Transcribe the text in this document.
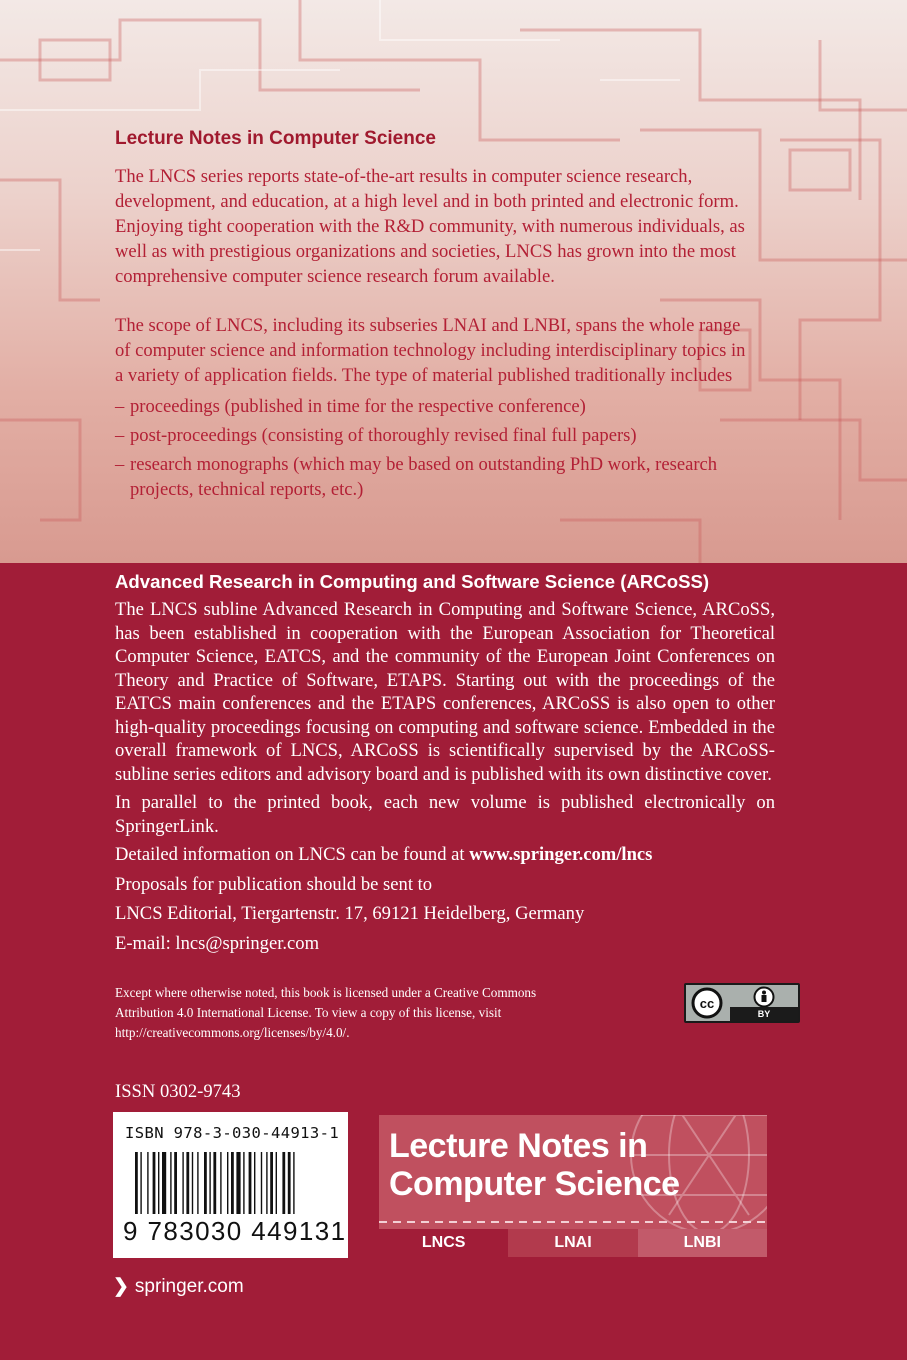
Lecture Notes in Computer Science

The LNCS series reports state-of-the-art results in computer science research, development, and education, at a high level and in both printed and electronic form. Enjoying tight cooperation with the R&D community, with numerous individuals, as well as with prestigious organizations and societies, LNCS has grown into the most comprehensive computer science research forum available.

The scope of LNCS, including its subseries LNAI and LNBI, spans the whole range of computer science and information technology including interdisciplinary topics in a variety of application fields. The type of material published traditionally includes

– proceedings (published in time for the respective conference)
– post-proceedings (consisting of thoroughly revised final full papers)
– research monographs (which may be based on outstanding PhD work, research projects, technical reports, etc.)
Advanced Research in Computing and Software Science (ARCoSS)

The LNCS subline Advanced Research in Computing and Software Science, ARCoSS, has been established in cooperation with the European Association for Theoretical Computer Science, EATCS, and the community of the European Joint Conferences on Theory and Practice of Software, ETAPS. Starting out with the proceedings of the EATCS main conferences and the ETAPS conferences, ARCoSS is also open to other high-quality proceedings focusing on computing and software science. Embedded in the overall framework of LNCS, ARCoSS is scientifically supervised by the ARCoSS-subline series editors and advisory board and is published with its own distinctive cover.

In parallel to the printed book, each new volume is published electronically on SpringerLink.

Detailed information on LNCS can be found at www.springer.com/lncs

Proposals for publication should be sent to

LNCS Editorial, Tiergartenstr. 17, 69121 Heidelberg, Germany

E-mail: lncs@springer.com

Except where otherwise noted, this book is licensed under a Creative Commons Attribution 4.0 International License. To view a copy of this license, visit http://creativecommons.org/licenses/by/4.0/.
cc
BY
ISSN 0302-9743
ISBN 978-3-030-44913-1
9 783030 449131
Lecture Notes in
Computer Science
LNCS	LNAI	LNBI
❯ springer.com
